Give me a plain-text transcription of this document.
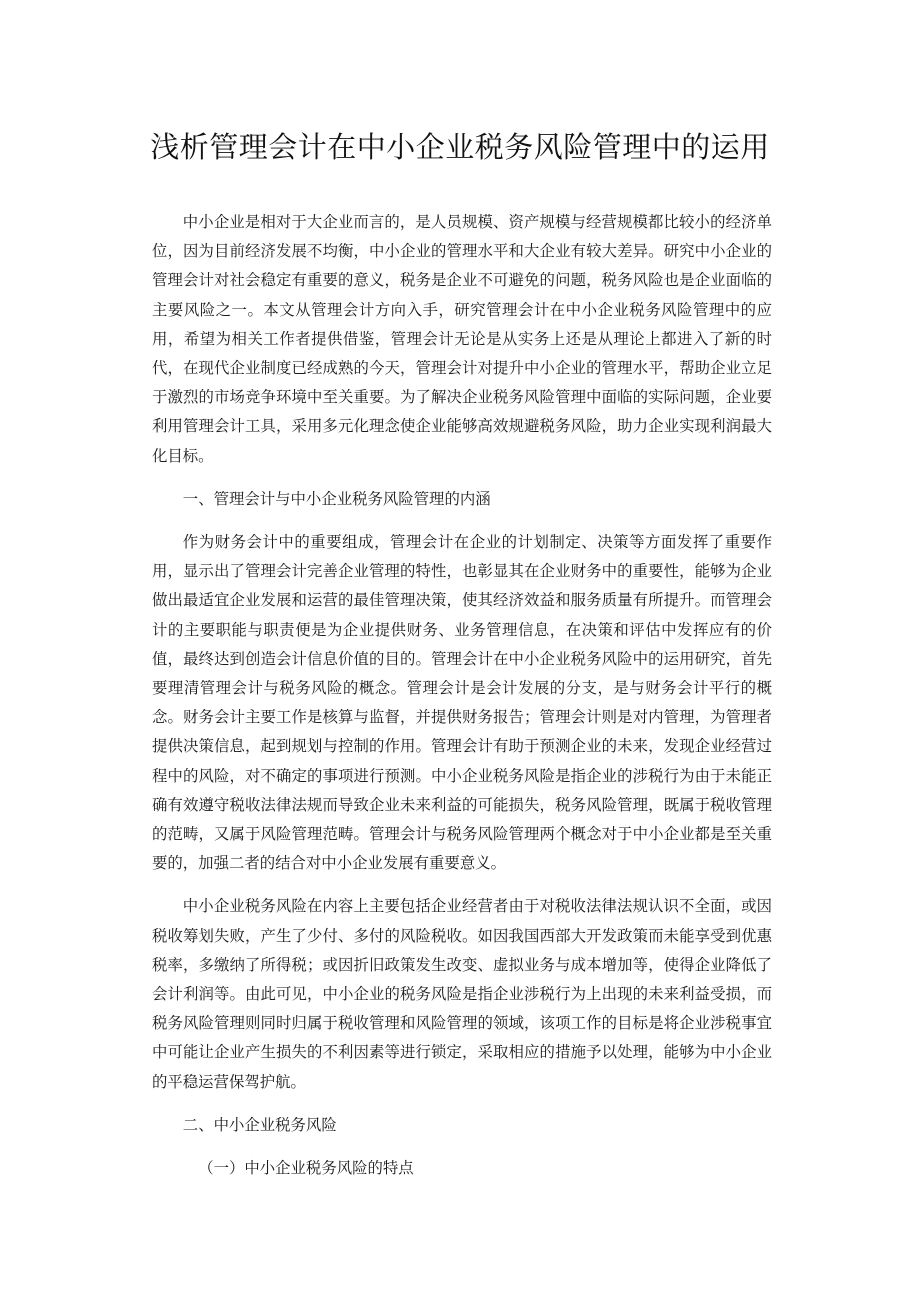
浅析管理会计在中小企业税务风险管理中的运用

中小企业是相对于大企业而言的，是人员规模、资产规模与经营规模都比较小的经济单位，因为目前经济发展不均衡，中小企业的管理水平和大企业有较大差异。研究中小企业的管理会计对社会稳定有重要的意义，税务是企业不可避免的问题，税务风险也是企业面临的主要风险之一。本文从管理会计方向入手，研究管理会计在中小企业税务风险管理中的应用，希望为相关工作者提供借鉴，管理会计无论是从实务上还是从理论上都进入了新的时代，在现代企业制度已经成熟的今天，管理会计对提升中小企业的管理水平，帮助企业立足于激烈的市场竞争环境中至关重要。为了解决企业税务风险管理中面临的实际问题，企业要利用管理会计工具，采用多元化理念使企业能够高效规避税务风险，助力企业实现利润最大化目标。

一、管理会计与中小企业税务风险管理的内涵

作为财务会计中的重要组成，管理会计在企业的计划制定、决策等方面发挥了重要作用，显示出了管理会计完善企业管理的特性，也彰显其在企业财务中的重要性，能够为企业做出最适宜企业发展和运营的最佳管理决策，使其经济效益和服务质量有所提升。而管理会计的主要职能与职责便是为企业提供财务、业务管理信息，在决策和评估中发挥应有的价值，最终达到创造会计信息价值的目的。管理会计在中小企业税务风险中的运用研究，首先要理清管理会计与税务风险的概念。管理会计是会计发展的分支，是与财务会计平行的概念。财务会计主要工作是核算与监督，并提供财务报告；管理会计则是对内管理，为管理者提供决策信息，起到规划与控制的作用。管理会计有助于预测企业的未来，发现企业经营过程中的风险，对不确定的事项进行预测。中小企业税务风险是指企业的涉税行为由于未能正确有效遵守税收法律法规而导致企业未来利益的可能损失，税务风险管理，既属于税收管理的范畴，又属于风险管理范畴。管理会计与税务风险管理两个概念对于中小企业都是至关重要的，加强二者的结合对中小企业发展有重要意义。

中小企业税务风险在内容上主要包括企业经营者由于对税收法律法规认识不全面，或因税收筹划失败，产生了少付、多付的风险税收。如因我国西部大开发政策而未能享受到优惠税率，多缴纳了所得税；或因折旧政策发生改变、虚拟业务与成本增加等，使得企业降低了会计利润等。由此可见，中小企业的税务风险是指企业涉税行为上出现的未来利益受损，而税务风险管理则同时归属于税收管理和风险管理的领域，该项工作的目标是将企业涉税事宜中可能让企业产生损失的不利因素等进行锁定，采取相应的措施予以处理，能够为中小企业的平稳运营保驾护航。

二、中小企业税务风险

（一）中小企业税务风险的特点
